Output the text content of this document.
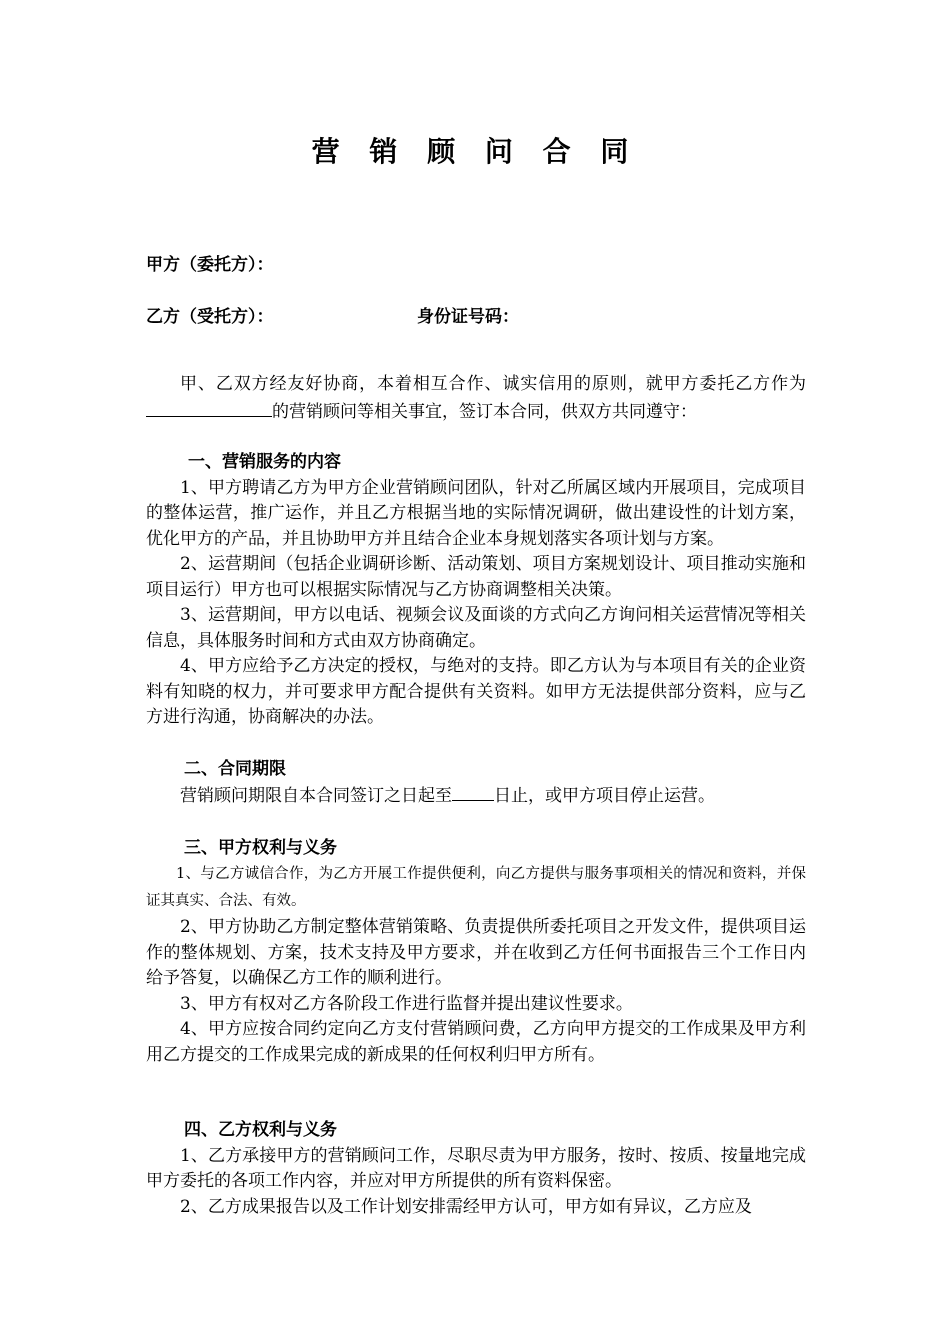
营 销 顾 问 合 同
甲方（委托方）：
乙方（受托方）：	身份证号码：

甲、乙双方经友好协商，本着相互合作、诚实信用的原则，就甲方委托乙方作为的营销顾问等相关事宜，签订本合同，供双方共同遵守：

一、营销服务的内容

1、甲方聘请乙方为甲方企业营销顾问团队，针对乙所属区域内开展项目，完成项目的整体运营，推广运作，并且乙方根据当地的实际情况调研，做出建设性的计划方案，优化甲方的产品，并且协助甲方并且结合企业本身规划落实各项计划与方案。

2、运营期间（包括企业调研诊断、活动策划、项目方案规划设计、项目推动实施和项目运行）甲方也可以根据实际情况与乙方协商调整相关决策。

3、运营期间，甲方以电话、视频会议及面谈的方式向乙方询问相关运营情况等相关信息，具体服务时间和方式由双方协商确定。

4、甲方应给予乙方决定的授权，与绝对的支持。即乙方认为与本项目有关的企业资料有知晓的权力，并可要求甲方配合提供有关资料。如甲方无法提供部分资料，应与乙方进行沟通，协商解决的办法。

二、合同期限

营销顾问期限自本合同签订之日起至 日止，或甲方项目停止运营。

三、甲方权利与义务

1、与乙方诚信合作，为乙方开展工作提供便利，向乙方提供与服务事项相关的情况和资料，并保证其真实、合法、有效。

2、甲方协助乙方制定整体营销策略、负责提供所委托项目之开发文件，提供项目运作的整体规划、方案，技术支持及甲方要求，并在收到乙方任何书面报告三个工作日内给予答复，以确保乙方工作的顺利进行。

3、甲方有权对乙方各阶段工作进行监督并提出建议性要求。

4、甲方应按合同约定向乙方支付营销顾问费，乙方向甲方提交的工作成果及甲方利用乙方提交的工作成果完成的新成果的任何权利归甲方所有。

四、乙方权利与义务

1、乙方承接甲方的营销顾问工作，尽职尽责为甲方服务，按时、按质、按量地完成甲方委托的各项工作内容，并应对甲方所提供的所有资料保密。

2、乙方成果报告以及工作计划安排需经甲方认可，甲方如有异议，乙方应及
